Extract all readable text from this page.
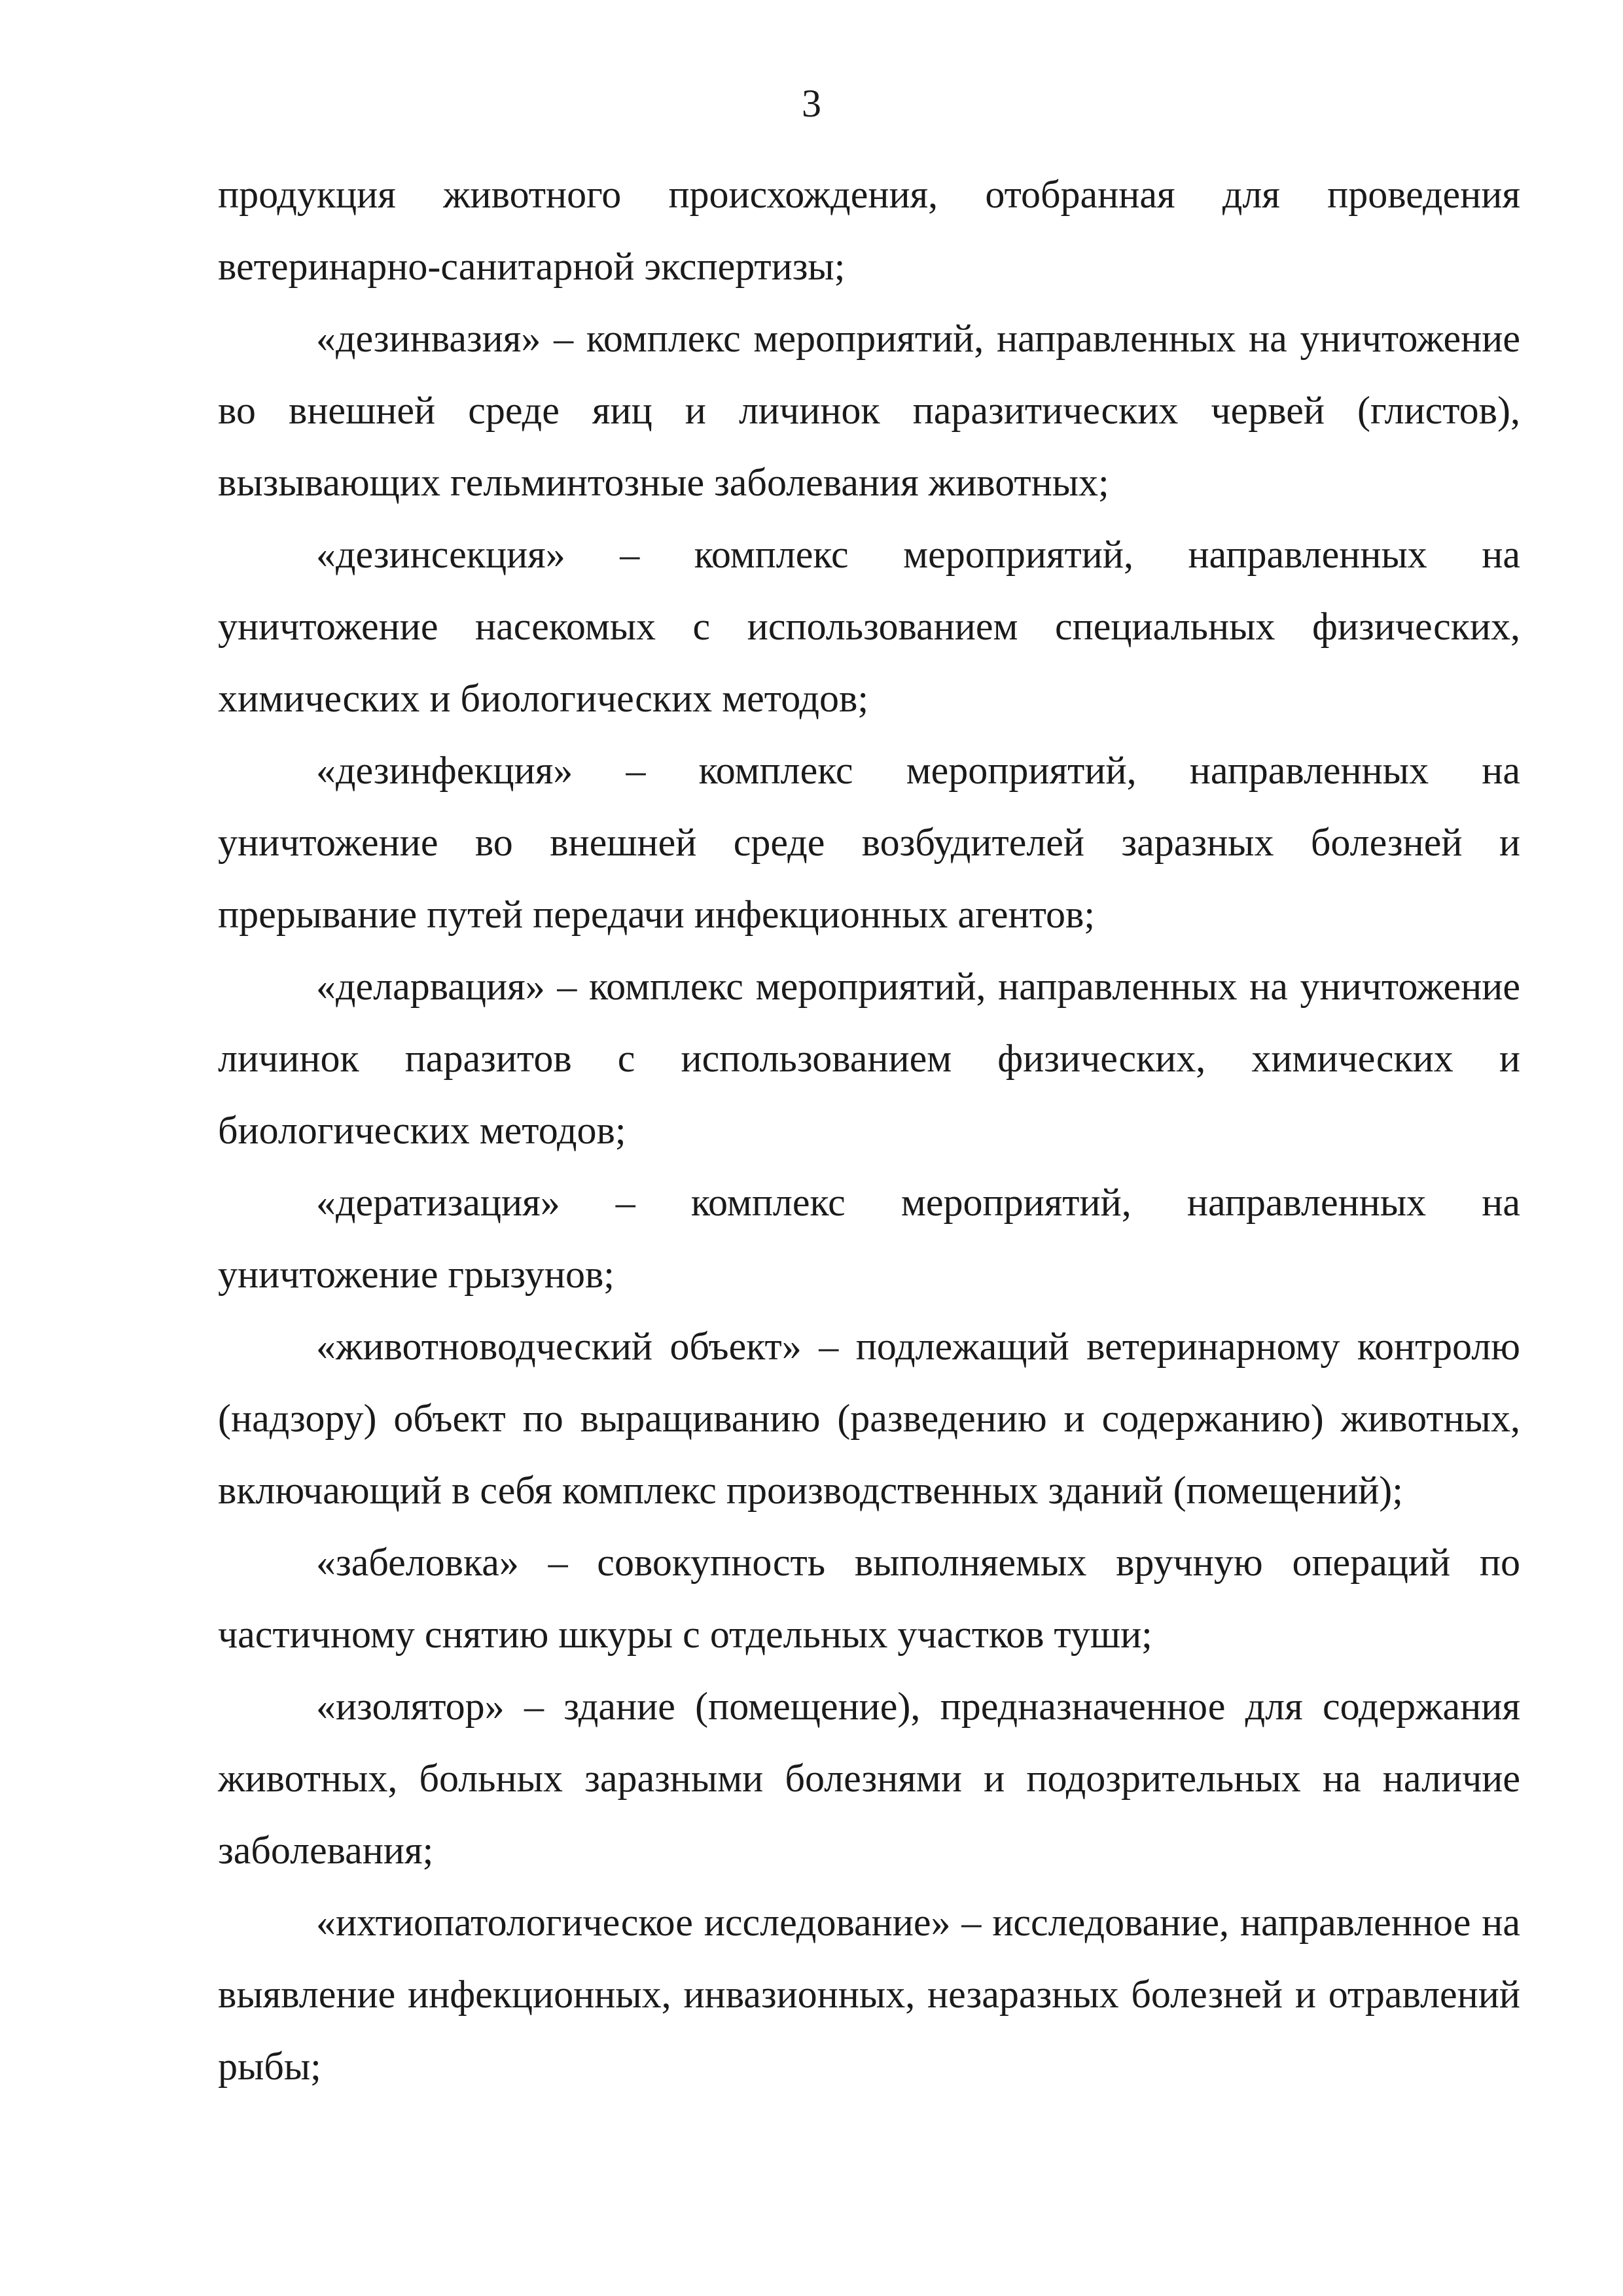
3

продукция животного происхождения, отобранная для проведения ветеринарно-санитарной экспертизы;

«дезинвазия» – комплекс мероприятий, направленных на уничтожение во внешней среде яиц и личинок паразитических червей (глистов), вызывающих гельминтозные заболевания животных;

«дезинсекция» – комплекс мероприятий, направленных на уничтожение насекомых с использованием специальных физических, химических и биологических методов;

«дезинфекция» – комплекс мероприятий, направленных на уничтожение во внешней среде возбудителей заразных болезней и прерывание путей передачи инфекционных агентов;

«деларвация» – комплекс мероприятий, направленных на уничтожение личинок паразитов с использованием физических, химических и биологических методов;

«дератизация» – комплекс мероприятий, направленных на уничтожение грызунов;

«животноводческий объект» – подлежащий ветеринарному контролю (надзору) объект по выращиванию (разведению и содержанию) животных, включающий в себя комплекс производственных зданий (помещений);

«забеловка» – совокупность выполняемых вручную операций по частичному снятию шкуры с отдельных участков туши;

«изолятор» – здание (помещение), предназначенное для содержания животных, больных заразными болезнями и подозрительных на наличие заболевания;

«ихтиопатологическое исследование» – исследование, направленное на выявление инфекционных, инвазионных, незаразных болезней и отравлений рыбы;
